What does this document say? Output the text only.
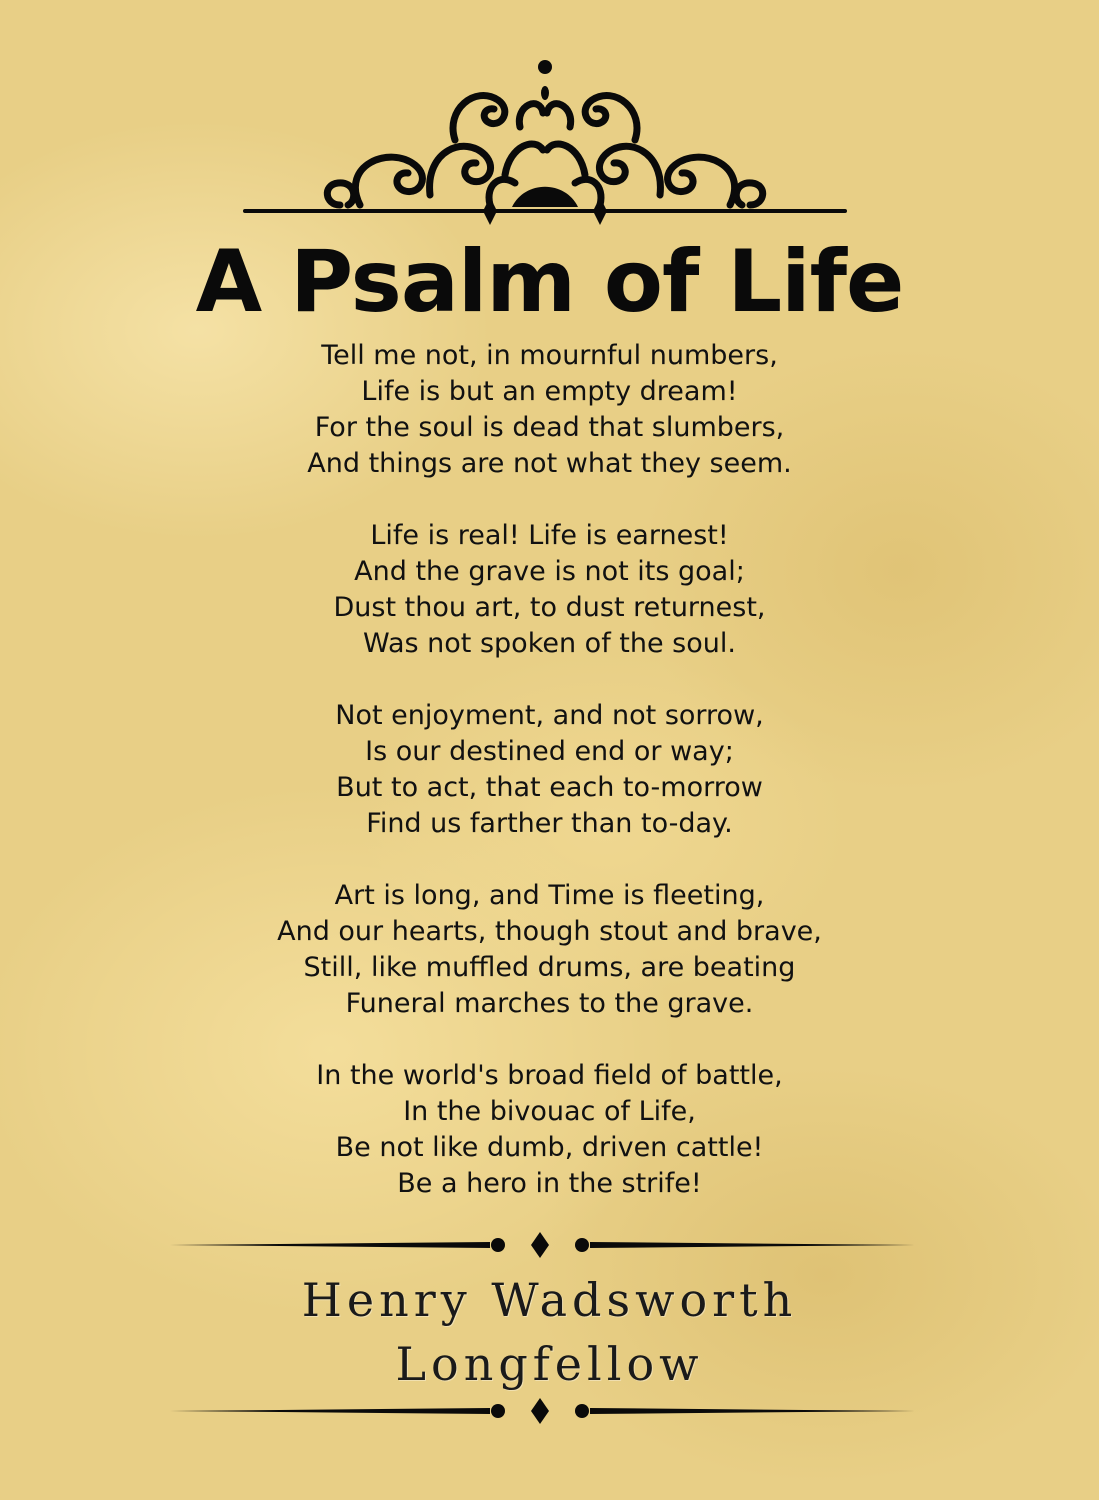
A Psalm of Life
Tell me not, in mournful numbers,
Life is but an empty dream!
For the soul is dead that slumbers,
And things are not what they seem.
Life is real! Life is earnest!
And the grave is not its goal;
Dust thou art, to dust returnest,
Was not spoken of the soul.
Not enjoyment, and not sorrow,
Is our destined end or way;
But to act, that each to-morrow
Find us farther than to-day.
Art is long, and Time is fleeting,
And our hearts, though stout and brave,
Still, like muffled drums, are beating
Funeral marches to the grave.
In the world's broad field of battle,
In the bivouac of Life,
Be not like dumb, driven cattle!
Be a hero in the strife!
Henry Wadsworth
Longfellow
